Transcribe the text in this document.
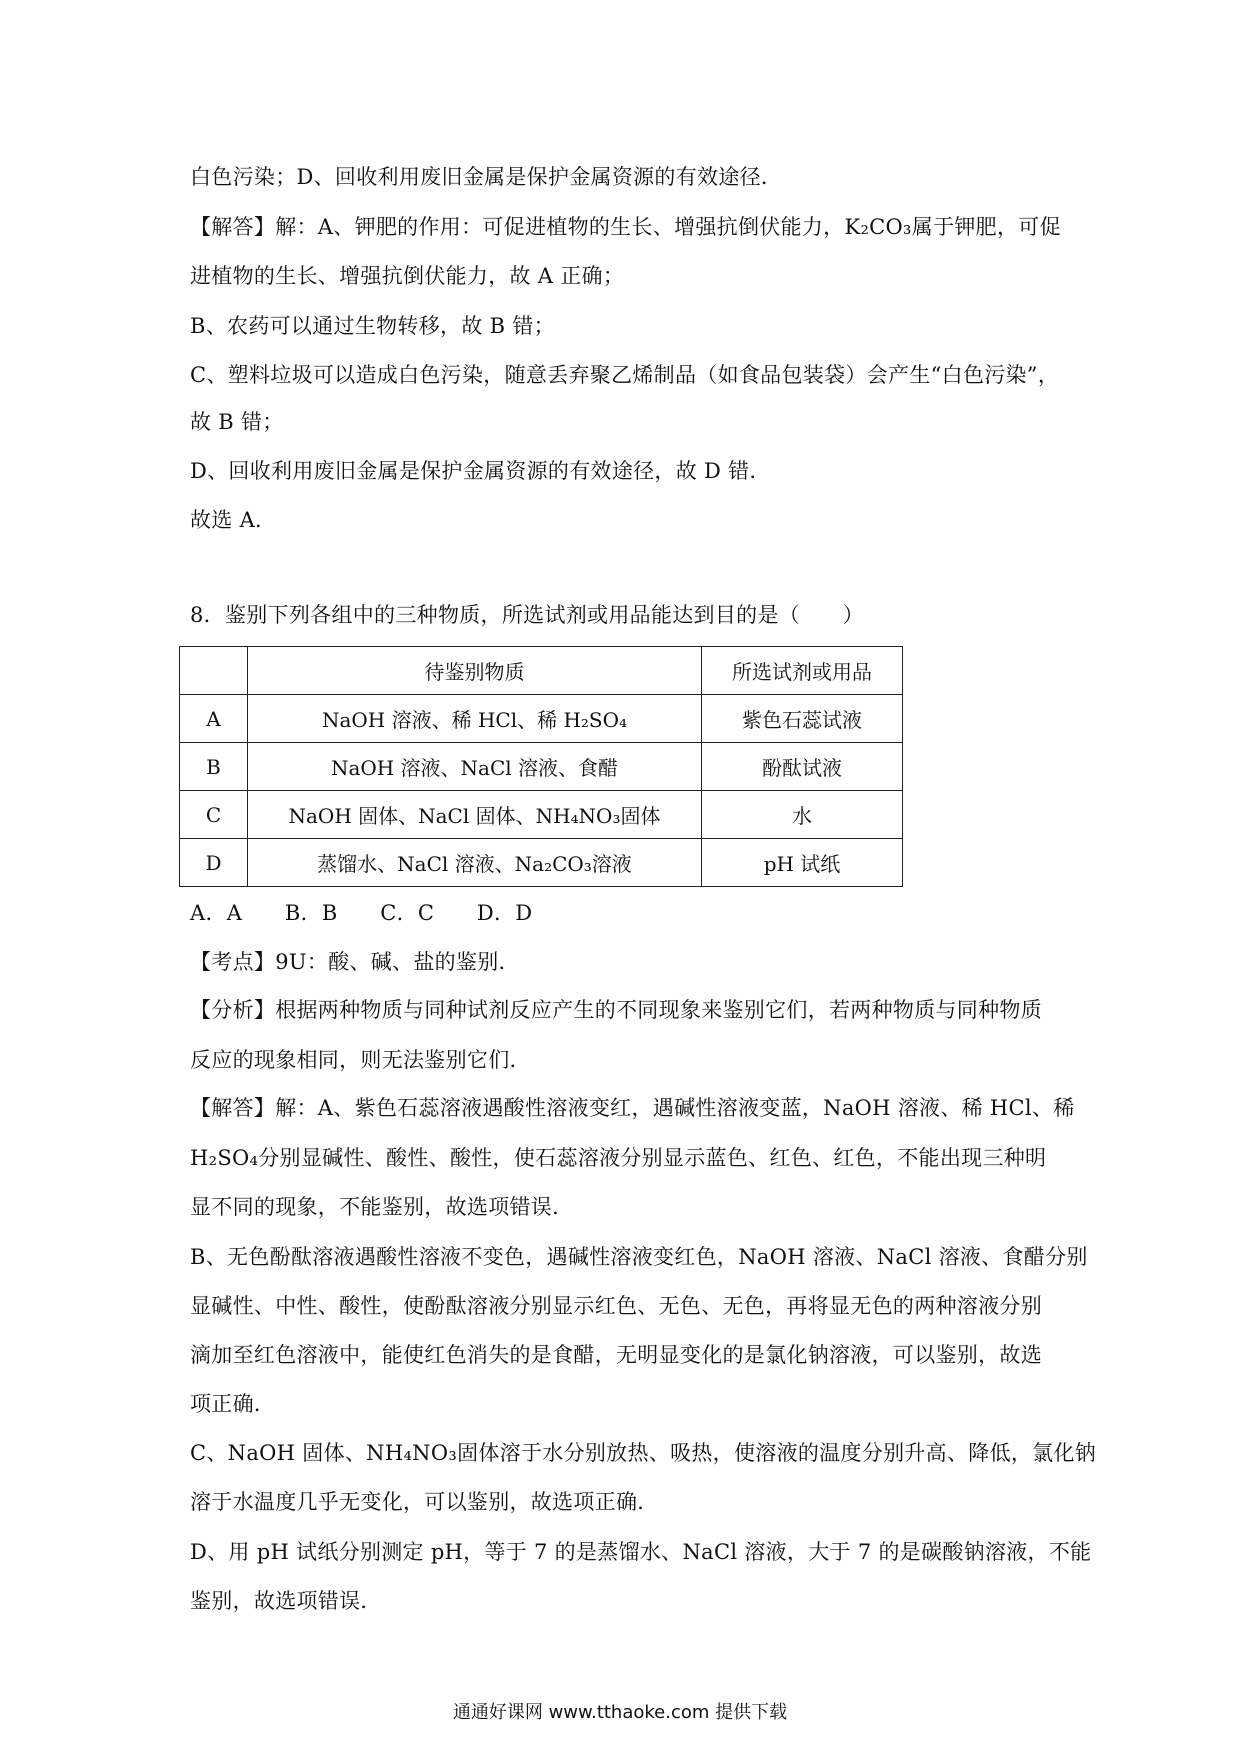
白色污染；D、回收利用废旧金属是保护金属资源的有效途径．
【解答】解：A、钾肥的作用：可促进植物的生长、增强抗倒伏能力，K₂CO₃属于钾肥，可促
进植物的生长、增强抗倒伏能力，故 A 正确；
B、农药可以通过生物转移，故 B 错；
C、塑料垃圾可以造成白色污染，随意丢弃聚乙烯制品（如食品包装袋）会产生“白色污染”，
故 B 错；
D、回收利用废旧金属是保护金属资源的有效途径，故 D 错．
故选 A．
8．鉴别下列各组中的三种物质，所选试剂或用品能达到目的是（　　）
	待鉴别物质	所选试剂或用品
A	NaOH 溶液、稀 HCl、稀 H₂SO₄	紫色石蕊试液
B	NaOH 溶液、NaCl 溶液、食醋	酚酞试液
C	NaOH 固体、NaCl 固体、NH₄NO₃固体	水
D	蒸馏水、NaCl 溶液、Na₂CO₃溶液	pH 试纸
A．A　　B．B　　C．C　　D．D
【考点】9U：酸、碱、盐的鉴别．
【分析】根据两种物质与同种试剂反应产生的不同现象来鉴别它们，若两种物质与同种物质
反应的现象相同，则无法鉴别它们．
【解答】解：A、紫色石蕊溶液遇酸性溶液变红，遇碱性溶液变蓝，NaOH 溶液、稀 HCl、稀
H₂SO₄分别显碱性、酸性、酸性，使石蕊溶液分别显示蓝色、红色、红色，不能出现三种明
显不同的现象，不能鉴别，故选项错误．
B、无色酚酞溶液遇酸性溶液不变色，遇碱性溶液变红色，NaOH 溶液、NaCl 溶液、食醋分别
显碱性、中性、酸性，使酚酞溶液分别显示红色、无色、无色，再将显无色的两种溶液分别
滴加至红色溶液中，能使红色消失的是食醋，无明显变化的是氯化钠溶液，可以鉴别，故选
项正确．
C、NaOH 固体、NH₄NO₃固体溶于水分别放热、吸热，使溶液的温度分别升高、降低，氯化钠
溶于水温度几乎无变化，可以鉴别，故选项正确．
D、用 pH 试纸分别测定 pH，等于 7 的是蒸馏水、NaCl 溶液，大于 7 的是碳酸钠溶液，不能
鉴别，故选项错误．
通通好课网 www.tthaoke.com 提供下载
